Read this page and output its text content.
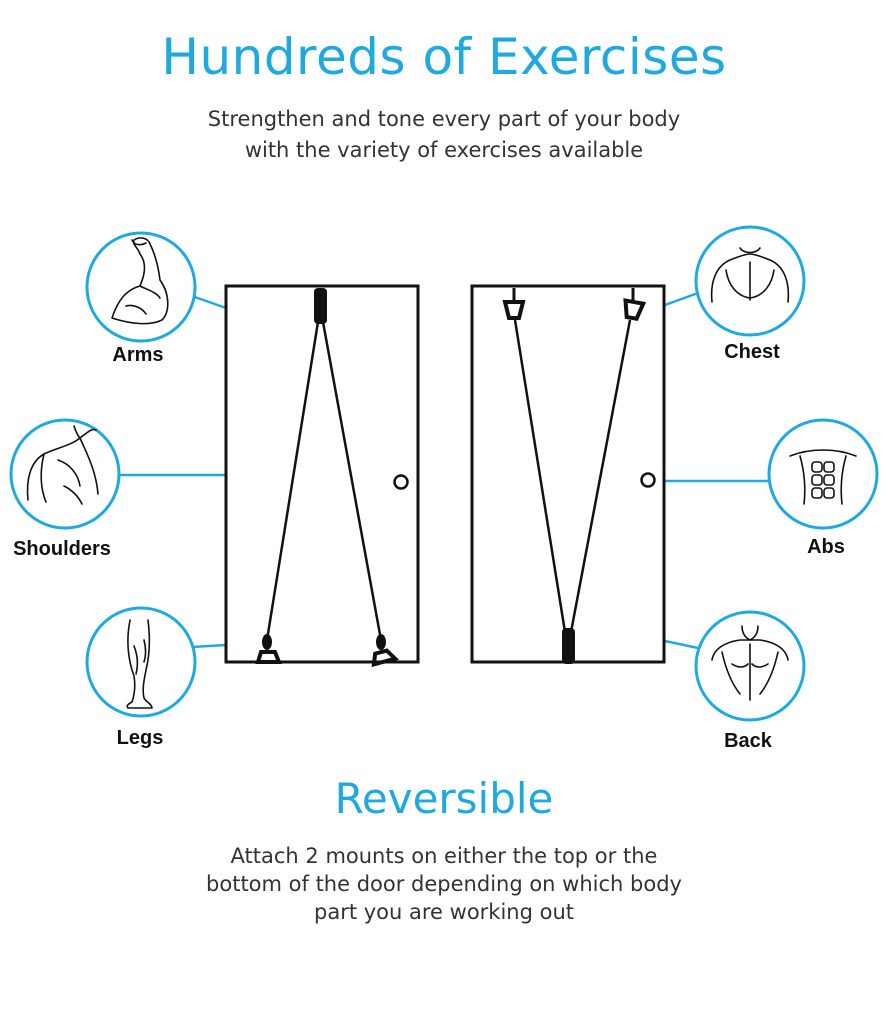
Hundreds of Exercises
Strengthen and tone every part of your body
with the variety of exercises available
Arms
Shoulders
Legs
Chest
Abs
Back
Reversible
Attach 2 mounts on either the top or the
bottom of the door depending on which body
part you are working out
